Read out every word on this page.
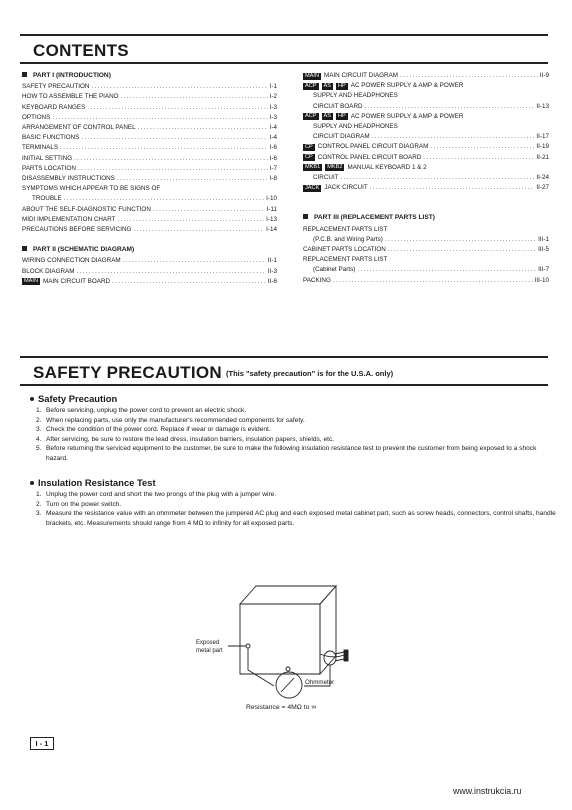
CONTENTS
PART I (INTRODUCTION)
SAFETY PRECAUTION . . .	I-1
HOW TO ASSEMBLE THE PIANO . . .	I-2
KEYBOARD RANGES . . .	I-3
OPTIONS . . .	I-3
ARRANGEMENT OF CONTROL PANEL . . .	I-4
BASIC FUNCTIONS . . .	I-4
TERMINALS . . .	I-6
INITIAL SETTING . . .	I-6
PARTS LOCATION . . .	I-7
DISASSEMBLY INSTRUCTIONS . . .	I-8
SYMPTOMS WHICH APPEAR TO BE SIGNS OF
TROUBLE . . .	I-10
ABOUT THE SELF-DIAGNOSTIC FUNCTION . . .	I-11
MIDI IMPLEMENTATION CHART . . .	I-13
PRECAUTIONS BEFORE SERVICING . . .	I-14
PART II (SCHEMATIC DIAGRAM)
WIRING CONNECTION DIAGRAM . . .	II-1
BLOCK DIAGRAM . . .	II-3
MAIN MAIN CIRCUIT BOARD . . .	II-6
MAIN MAIN CIRCUIT DIAGRAM . . .	II-9
ACP AS HP AC POWER SUPPLY & AMP & POWER
SUPPLY AND HEADPHONES
CIRCUIT BOARD . . .	II-13
ACP AS HP AC POWER SUPPLY & AMP & POWER
SUPPLY AND HEADPHONES
CIRCUIT DIAGRAM . . .	II-17
CP CONTROL PANEL CIRCUIT DIAGRAM . . .	II-19
CP CONTROL PANEL CIRCUIT BOARD . . .	II-21
MKB1 MKB2 MANUAL KEYBOARD 1 & 2
CIRCUIT . . .	II-24
JACK JACK CIRCUIT . . .	II-27
PART III (REPLACEMENT PARTS LIST)
REPLACEMENT PARTS LIST
(P.C.B. and Wiring Parts) . . .	III-1
CABINET PARTS LOCATION . . .	III-5
REPLACEMENT PARTS LIST
(Cabinet Parts) . . .	III-7
PACKING . . .	III-10
SAFETY PRECAUTION (This "safety precaution" is for the U.S.A. only)
Safety Precaution
1. Before servicing, unplug the power cord to prevent an electric shock.
2. When replacing parts, use only the manufacturer's recommended components for safety.
3. Check the condition of the power cord. Replace if wear or damage is evident.
4. After servicing, be sure to restore the lead dress, insulation barriers, insulation papers, shields, etc.
5. Before returning the serviced equipment to the customer, be sure to make the following insulation resistance test to prevent the customer from being exposed to a shock hazard.
Insulation Resistance Test
1. Unplug the power cord and short the two prongs of the plug with a jumper wire.
2. Turn on the power switch.
3. Measure the resistance value with an ohmmeter between the jumpered AC plug and each exposed metal cabinet part, such as screw heads, connectors, control shafts, handle brackets, etc. Measurements should range from 4 MΩ to infinity for all exposed parts.
Exposed metal part
Ohmmeter
Resistance = 4MΩ to ∞
I - 1
www.instrukcia.ru
